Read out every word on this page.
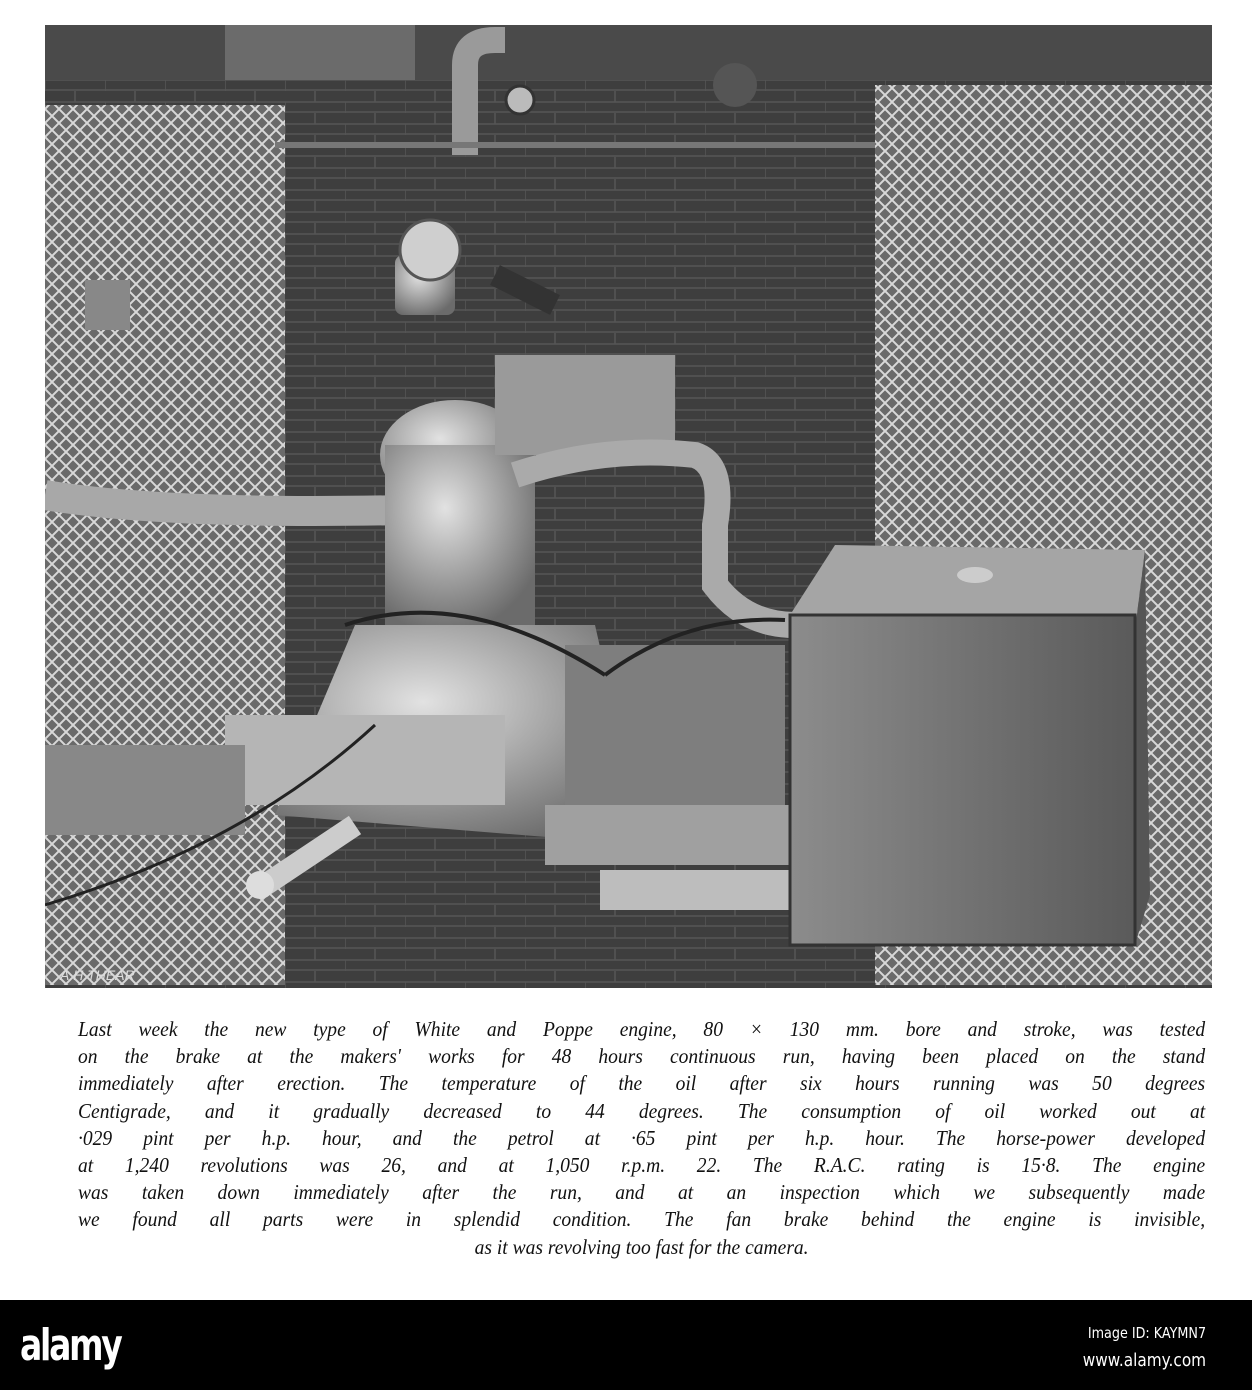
A.H.THEAR
Last week the new type of White and Poppe engine, 80 × 130 mm. bore and stroke, was tested
on the brake at the makers' works for 48 hours continuous run, having been placed on the stand
immediately after erection. The temperature of the oil after six hours running was 50 degrees
Centigrade, and it gradually decreased to 44 degrees. The consumption of oil worked out at
·029 pint per h.p. hour, and the petrol at ·65 pint per h.p. hour. The horse-power developed
at 1,240 revolutions was 26, and at 1,050 r.p.m. 22. The R.A.C. rating is 15·8. The engine
was taken down immediately after the run, and at an inspection which we subsequently made
we found all parts were in splendid condition. The fan brake behind the engine is invisible,
as it was revolving too fast for the camera.
alamy	Image ID: KAYMN7
www.alamy.com
